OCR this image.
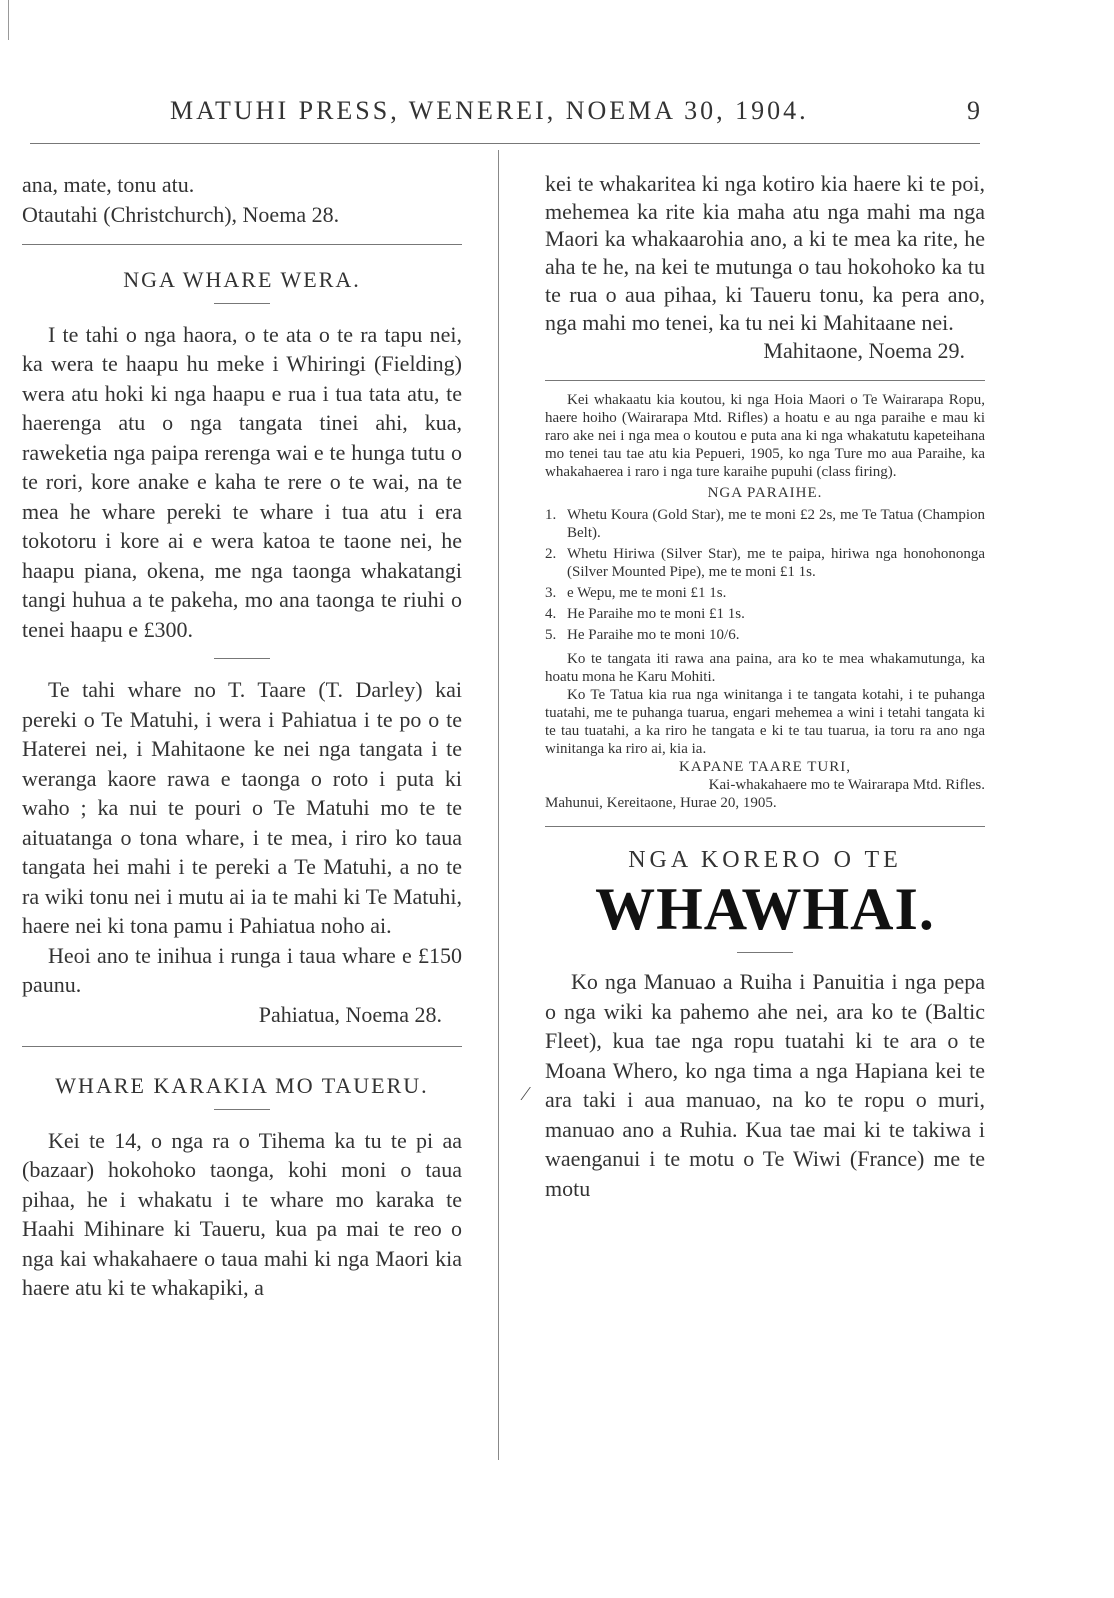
MATUHI PRESS, WENEREI, NOEMA 30, 1904.	9
⁄

ana, mate, tonu atu.

Otautahi (Christchurch), Noema 28.

NGA WHARE WERA.

I te tahi o nga haora, o te ata o te ra tapu nei, ka wera te haapu hu meke i Whiringi (Fielding) wera atu hoki ki nga haapu e rua i tua tata atu, te haerenga atu o nga tangata tinei ahi, kua, raweketia nga paipa rerenga wai e te hunga tutu o te rori, kore anake e kaha te rere o te wai, na te mea he whare pereki te whare i tua atu i era tokotoru i kore ai e wera katoa te taone nei, he haapu piana, okena, me nga taonga whakatangi tangi huhua a te pakeha, mo ana taonga te riuhi o tenei haapu e £300.

Te tahi whare no T. Taare (T. Darley) kai pereki o Te Matuhi, i wera i Pahiatua i te po o te Haterei nei, i Mahitaone ke nei nga tangata i te weranga kaore rawa e taonga o roto i puta ki waho ; ka nui te pouri o Te Matuhi mo te te aituatanga o tona whare, i te mea, i riro ko taua tangata hei mahi i te pereki a Te Matuhi, a no te ra wiki tonu nei i mutu ai ia te mahi ki Te Matuhi, haere nei ki tona pamu i Pahiatua noho ai.

Heoi ano te inihua i runga i taua whare e £150 paunu.

Pahiatua, Noema 28.

WHARE KARAKIA MO TAUERU.

Kei te 14, o nga ra o Tihema ka tu te pi aa (bazaar) hokohoko taonga, kohi moni o taua pihaa, he i whakatu i te whare mo karaka te Haahi Mihinare ki Taueru, kua pa mai te reo o nga kai whakahaere o taua mahi ki nga Maori kia haere atu ki te whakapiki, a

kei te whakaritea ki nga kotiro kia haere ki te poi, mehemea ka rite kia maha atu nga mahi ma nga Maori ka whakaarohia ano, a ki te mea ka rite, he aha te he, na kei te mutunga o tau hokohoko ka tu te rua o aua pihaa, ki Taueru tonu, ka pera ano, nga mahi mo tenei, ka tu nei ki Mahitaane nei.

Mahitaone, Noema 29.

Kei whakaatu kia koutou, ki nga Hoia Maori o Te Wairarapa Ropu, haere hoiho (Wairarapa Mtd. Rifles) a hoatu e au nga paraihe e mau ki raro ake nei i nga mea o koutou e puta ana ki nga whakatutu kapeteihana mo tenei tau tae atu kia Pepueri, 1905, ko nga Ture mo aua Paraihe, ka whakahaerea i raro i nga ture karaihe pupuhi (class firing).

NGA PARAIHE.

1. Whetu Koura (Gold Star), me te moni £2 2s, me Te Tatua (Champion Belt).
2. Whetu Hiriwa (Silver Star), me te paipa, hiriwa nga honohononga (Silver Mounted Pipe), me te moni £1 1s.
3. e Wepu, me te moni £1 1s.
4. He Paraihe mo te moni £1 1s.
5. He Paraihe mo te moni 10/6.

Ko te tangata iti rawa ana paina, ara ko te mea whakamutunga, ka hoatu mona he Karu Mohiti.

Ko Te Tatua kia rua nga winitanga i te tangata kotahi, i te puhanga tuatahi, me te puhanga tuarua, engari mehemea a wini i tetahi tangata ki te tau tuatahi, a ka riro he tangata e ki te tau tuarua, ia toru ra ano nga winitanga ka riro ai, kia ia.

KAPANE TAARE TURI,

Kai-whakahaere mo te Wairarapa Mtd. Rifles.

Mahunui, Kereitaone, Hurae 20, 1905.

NGA KORERO O TE

WHAWHAI.

Ko nga Manuao a Ruiha i Panuitia i nga pepa o nga wiki ka pahemo ahe nei, ara ko te (Baltic Fleet), kua tae nga ropu tuatahi ki te ara o te Moana Whero, ko nga tima a nga Hapiana kei te ara taki i aua manuao, na ko te ropu o muri, manuao ano a Ruhia. Kua tae mai ki te takiwa i waenganui i te motu o Te Wiwi (France) me te motu
